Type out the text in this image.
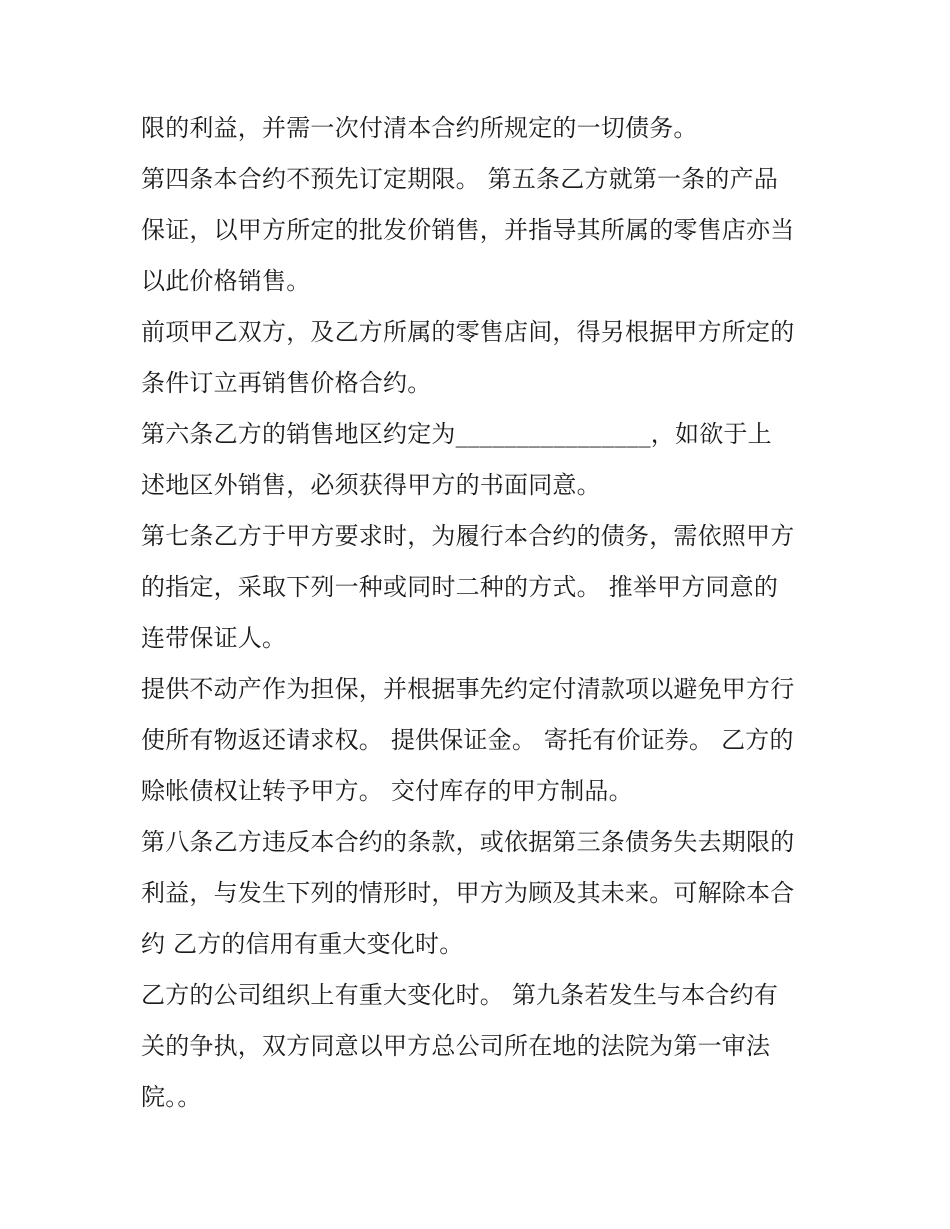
限的利益，并需一次付清本合约所规定的一切债务。
第四条本合约不预先订定期限。 第五条乙方就第一条的产品
保证，以甲方所定的批发价销售，并指导其所属的零售店亦当
以此价格销售。
前项甲乙双方，及乙方所属的零售店间，得另根据甲方所定的
条件订立再销售价格合约。
第六条乙方的销售地区约定为________________，如欲于上
述地区外销售，必须获得甲方的书面同意。
第七条乙方于甲方要求时，为履行本合约的债务，需依照甲方
的指定，采取下列一种或同时二种的方式。 推举甲方同意的
连带保证人。
提供不动产作为担保，并根据事先约定付清款项以避免甲方行
使所有物返还请求权。 提供保证金。 寄托有价证券。 乙方的
赊帐债权让转予甲方。 交付库存的甲方制品。
第八条乙方违反本合约的条款，或依据第三条债务失去期限的
利益，与发生下列的情形时，甲方为顾及其未来。可解除本合
约 乙方的信用有重大变化时。
乙方的公司组织上有重大变化时。 第九条若发生与本合约有
关的争执，双方同意以甲方总公司所在地的法院为第一审法
院。。
